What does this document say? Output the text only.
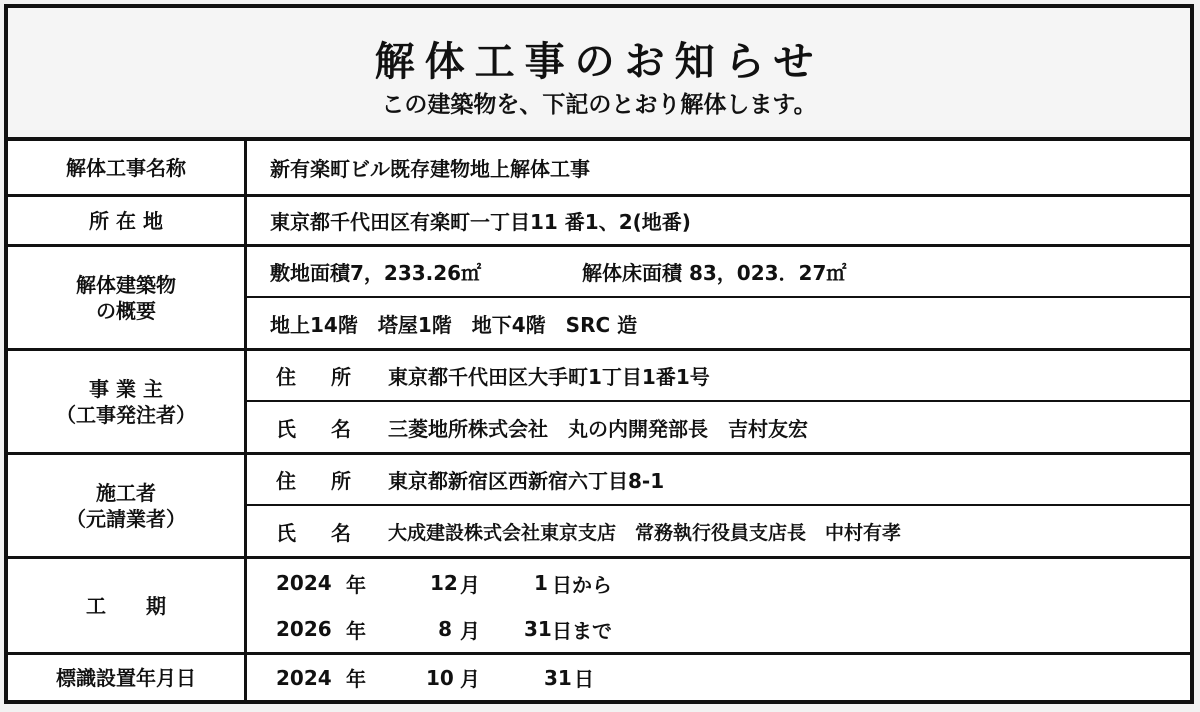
解体工事のお知らせ
この建築物を、下記のとおり解体します。
解体工事名称	新有楽町ビル既存建物地上解体工事
所 在 地	東京都千代田区有楽町一丁目11 番1、2(地番)
解体建築物
の概要
敷地面積7，233.26㎡	解体床面積 83，023．27㎡
地上14階　塔屋1階　地下4階　SRC 造
事 業 主
（工事発注者）
住 所	東京都千代田区大手町1丁目1番1号
氏 名	三菱地所株式会社　丸の内開発部長　吉村友宏
施工者
（元請業者）
住 所	東京都新宿区西新宿六丁目8-1
氏 名	大成建設株式会社東京支店　常務執行役員支店長　中村有孝
工　　期
2024 年	12 月	1 日から
2026 年	8 月	31 日まで
標識設置年月日	2024 年	10 月	31 日
